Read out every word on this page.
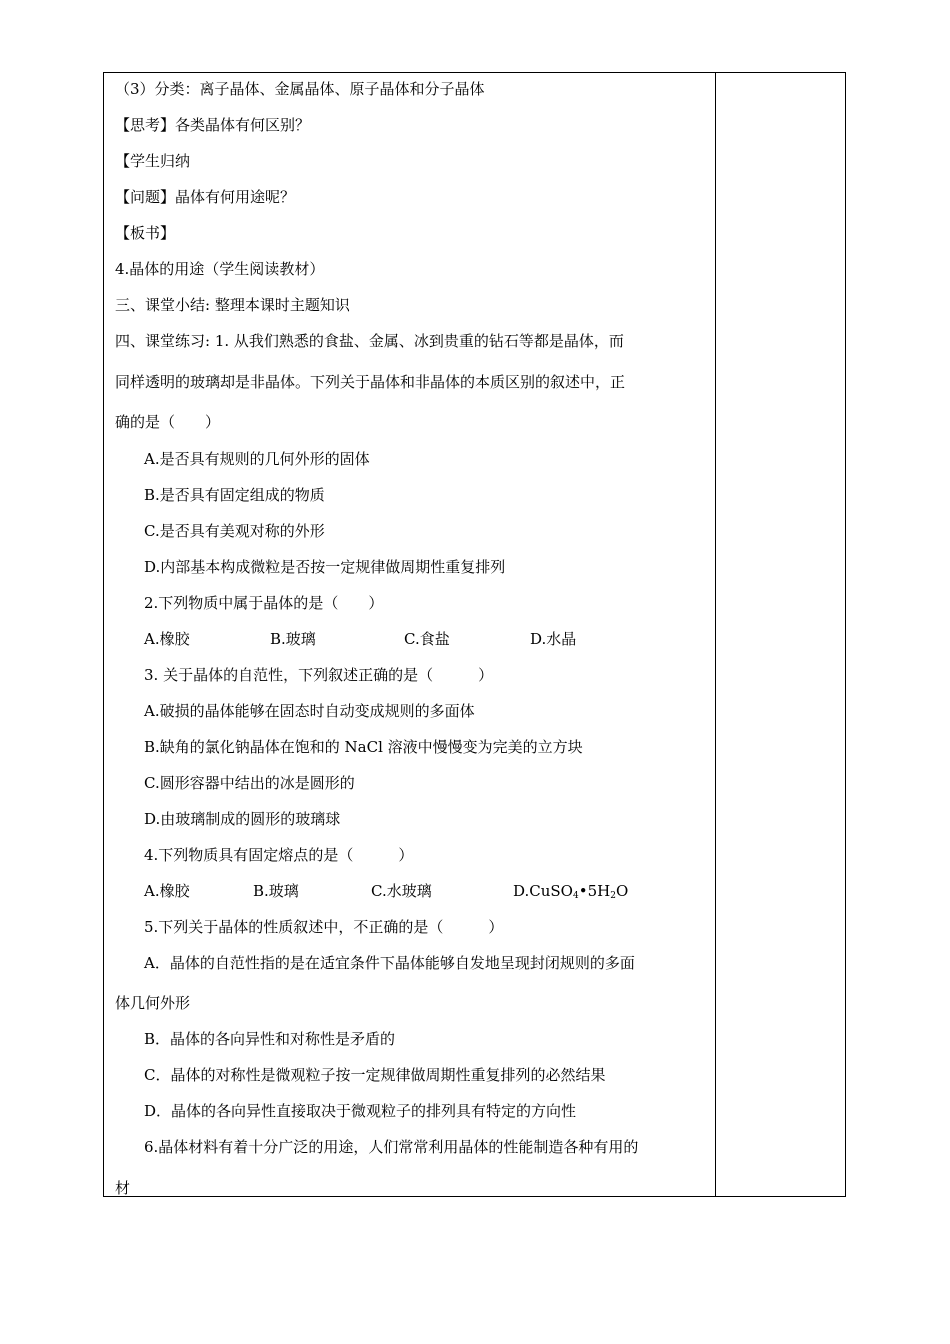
（3）分类：离子晶体、金属晶体、原子晶体和分子晶体
【思考】各类晶体有何区别？
【学生归纳
【问题】晶体有何用途呢？
【板书】
4.晶体的用途（学生阅读教材）
三、课堂小结: 整理本课时主题知识
四、课堂练习: 1. 从我们熟悉的食盐、金属、冰到贵重的钻石等都是晶体，而
同样透明的玻璃却是非晶体。下列关于晶体和非晶体的本质区别的叙述中，正
确的是（　　）
A.是否具有规则的几何外形的固体
B.是否具有固定组成的物质
C.是否具有美观对称的外形
D.内部基本构成微粒是否按一定规律做周期性重复排列
2.下列物质中属于晶体的是（　　）
A.橡胶	B.玻璃	C.食盐	D.水晶
3. 关于晶体的自范性，下列叙述正确的是（　　　）
A.破损的晶体能够在固态时自动变成规则的多面体
B.缺角的氯化钠晶体在饱和的 NaCl 溶液中慢慢变为完美的立方块
C.圆形容器中结出的冰是圆形的
D.由玻璃制成的圆形的玻璃球
4.下列物质具有固定熔点的是（　　　）
A.橡胶	B.玻璃	C.水玻璃	$D.CuSO_4•5H_2O$
5.下列关于晶体的性质叙述中，不正确的是（　　　）
A．晶体的自范性指的是在适宜条件下晶体能够自发地呈现封闭规则的多面
体几何外形
B．晶体的各向异性和对称性是矛盾的
C．晶体的对称性是微观粒子按一定规律做周期性重复排列的必然结果
D．晶体的各向异性直接取决于微观粒子的排列具有特定的方向性
6.晶体材料有着十分广泛的用途，人们常常利用晶体的性能制造各种有用的
材
